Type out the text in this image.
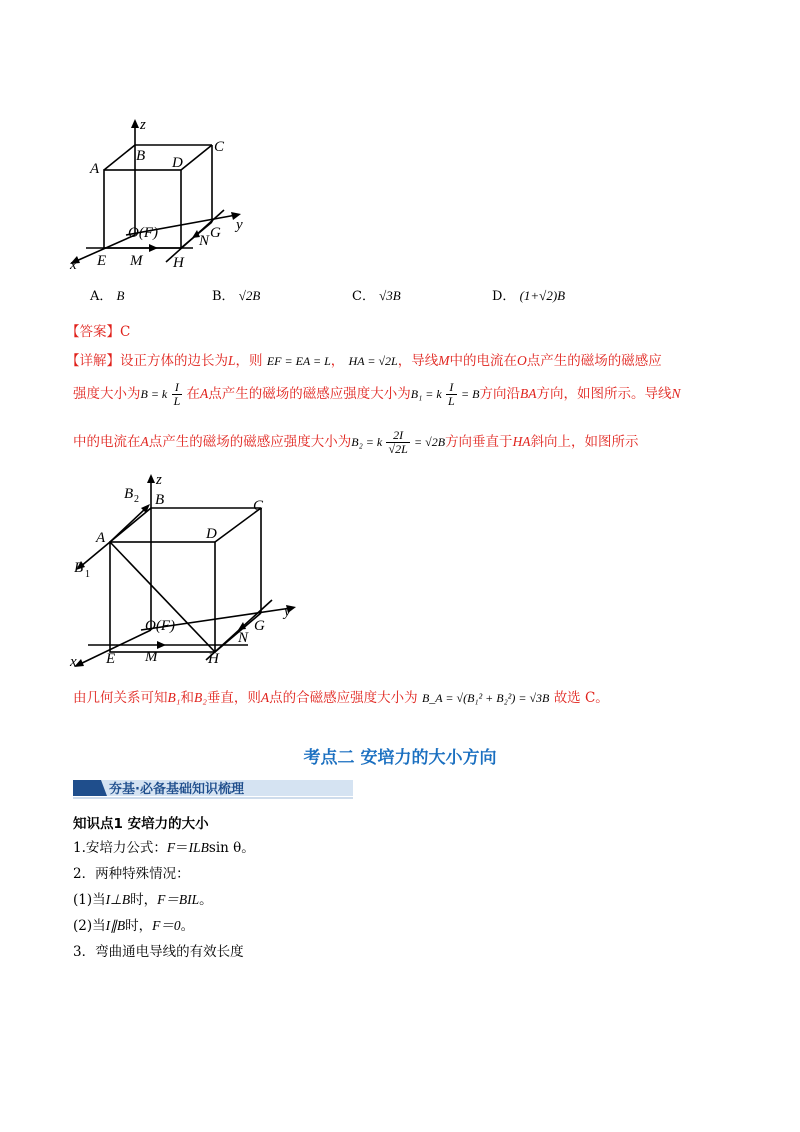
z
B
C
A	D
y
O(F)	G
N
x E M H
A． B	B． √2B	C． √3B	D． (1+√2)B
【答案】C
【详解】设正方体的边长为L，则 EF = EA = L， HA = √2L，导线M中的电流在O点产生的磁场的磁感应
强度大小为B = k $\frac{I}{L}$ 在A点产生的磁场的磁感应强度大小为B₁ = k $\frac{I}{L} = B$方向沿BA方向，如图所示。导线N
中的电流在A点产生的磁场的磁感应强度大小为B₂ = k $\frac{2I}{√2L} = √2B$方向垂直于HA斜向上，如图所示
z
B 2 B	C
A	D
B 1
y
O(F)	G
N
x E M	H
由几何关系可知B₁和B₂垂直，则A点的合磁感应强度大小为 B_A = √(B₁² + B₂²) = √3B 故选 C。
考点二 安培力的大小方向
夯基·必备基础知识梳理
知识点1 安培力的大小
1.安培力公式：F＝ILBsin θ。
2．两种特殊情况：
(1)当I⊥B时，F＝BIL。
(2)当I∥B时，F＝0。
3．弯曲通电导线的有效长度
